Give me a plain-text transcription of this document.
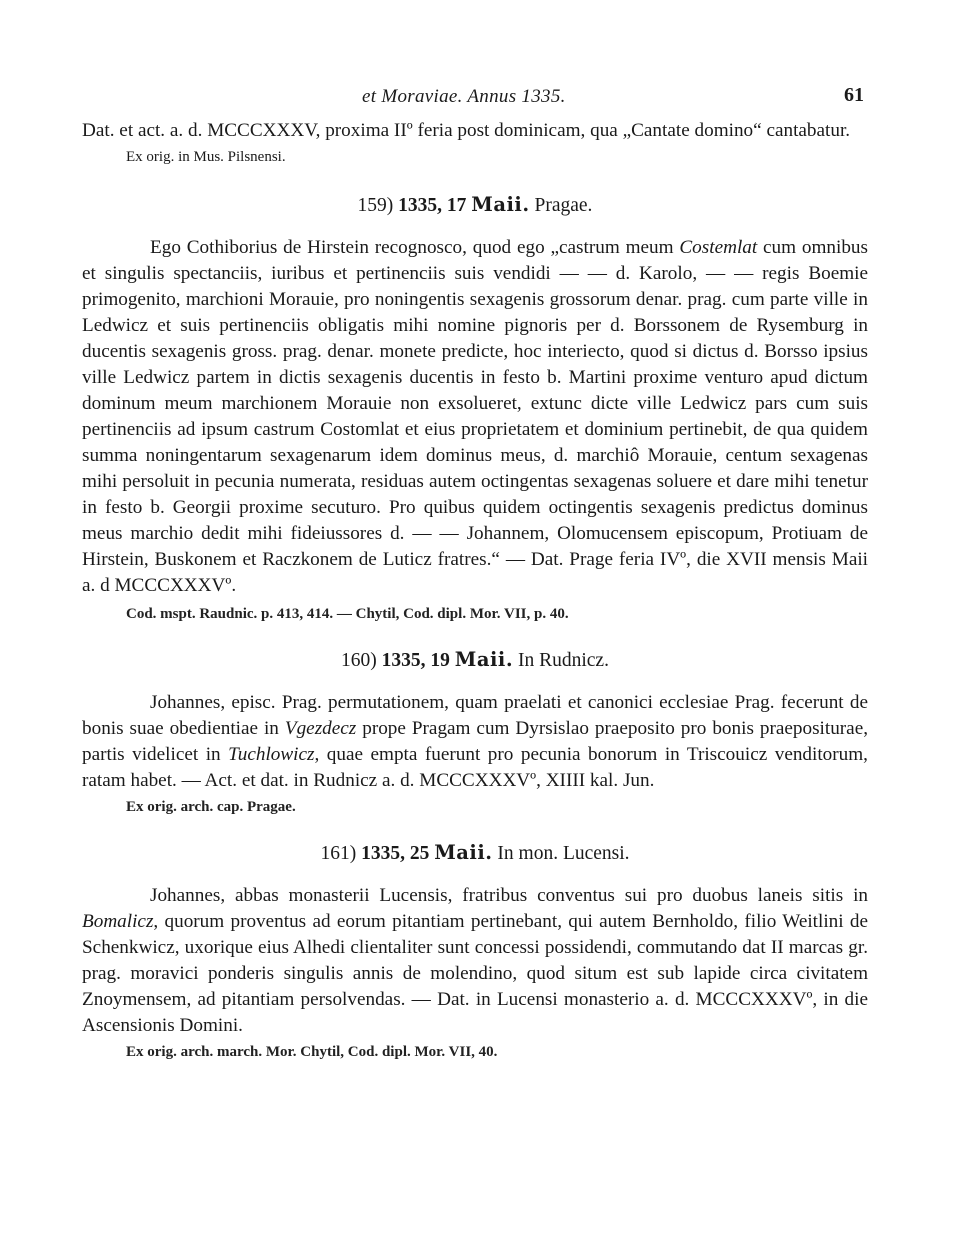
et Moraviae. Annus 1335.	61

Dat. et act. a. d. MCCCXXXV, proxima IIº feria post dominicam, qua „Cantate domino“ cantabatur.

Ex orig. in Mus. Pilsnensi.

159) 1335, 17 Maii. Pragae.

Ego Cothiborius de Hirstein recognosco, quod ego „castrum meum Costemlat cum omnibus et singulis spectanciis, iuribus et pertinenciis suis vendidi — — d. Karolo, — — regis Boemie primogenito, marchioni Morauie, pro noningentis sexagenis grossorum denar. prag. cum parte ville in Ledwicz et suis pertinenciis obligatis mihi nomine pignoris per d. Borssonem de Rysemburg in ducentis sexagenis gross. prag. denar. monete predicte, hoc interiecto, quod si dictus d. Borsso ipsius ville Ledwicz partem in dictis sexagenis ducentis in festo b. Martini proxime venturo apud dictum dominum meum marchionem Morauie non exsolueret, extunc dicte ville Ledwicz pars cum suis pertinenciis ad ipsum castrum Costomlat et eius proprietatem et dominium pertinebit, de qua quidem summa noningentarum sexagenarum idem dominus meus, d. marchiô Morauie, centum sexagenas mihi persoluit in pecunia numerata, residuas autem octingentas sexagenas soluere et dare mihi tenetur in festo b. Georgii proxime secuturo. Pro quibus quidem octingentis sexagenis predictus dominus meus marchio dedit mihi fideiussores d. — — Johannem, Olomucensem episcopum, Protiuam de Hirstein, Buskonem et Raczkonem de Luticz fratres.“ — Dat. Prage feria IVº, die XVII mensis Maii a. d MCCCXXXVº.

Cod. mspt. Raudnic. p. 413, 414. — Chytil, Cod. dipl. Mor. VII, p. 40.

160) 1335, 19 Maii. In Rudnicz.

Johannes, episc. Prag. permutationem, quam praelati et canonici ecclesiae Prag. fecerunt de bonis suae obedientiae in Vgezdecz prope Pragam cum Dyrsislao praeposito pro bonis praepositurae, partis videlicet in Tuchlowicz, quae empta fuerunt pro pecunia bonorum in Triscouicz venditorum, ratam habet. — Act. et dat. in Rudnicz a. d. MCCCXXXVº, XIIII kal. Jun.

Ex orig. arch. cap. Pragae.

161) 1335, 25 Maii. In mon. Lucensi.

Johannes, abbas monasterii Lucensis, fratribus conventus sui pro duobus laneis sitis in Bomalicz, quorum proventus ad eorum pitantiam pertinebant, qui autem Bernholdo, filio Weitlini de Schenkwicz, uxorique eius Alhedi clientaliter sunt concessi possidendi, commutando dat II marcas gr. prag. moravici ponderis singulis annis de molendino, quod situm est sub lapide circa civitatem Znoymensem, ad pitantiam persolvendas. — Dat. in Lucensi monasterio a. d. MCCCXXXVº, in die Ascensionis Domini.

Ex orig. arch. march. Mor. Chytil, Cod. dipl. Mor. VII, 40.
